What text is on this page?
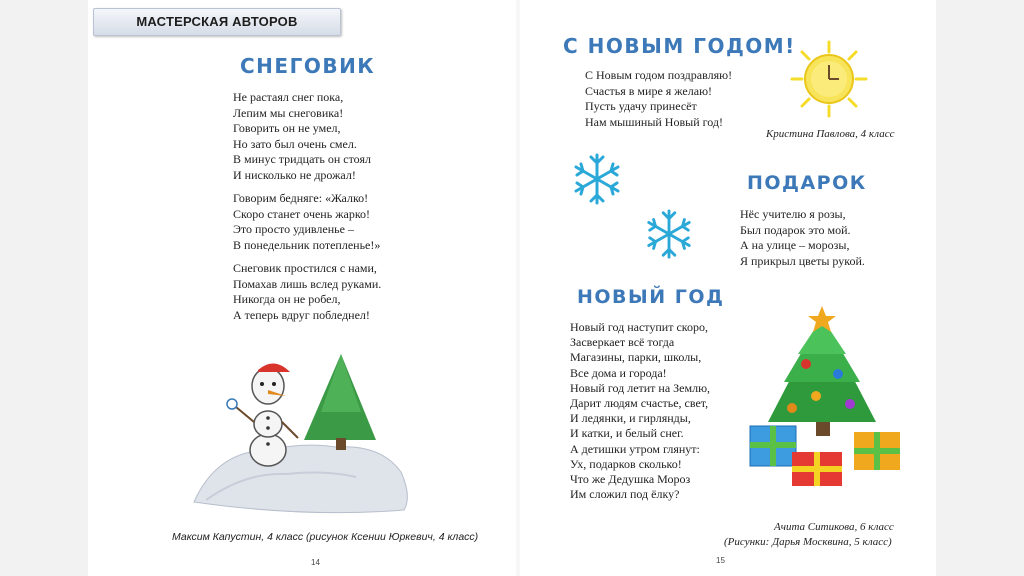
МАСТЕРСКАЯ АВТОРОВ
СНЕГОВИК
Не растаял снег пока,
Лепим мы снеговика!
Говорить он не умел,
Но зато был очень смел.
В минус тридцать он стоял
И нисколько не дрожал!
Говорим бедняге: «Жалко!
Скоро станет очень жарко!
Это просто удивленье –
В понедельник потепленье!»
Снеговик простился с нами,
Помахав лишь вслед руками.
Никогда он не робел,
А теперь вдруг побледнел!
Максим Капустин, 4 класс (рисунок Ксении Юркевич, 4 класс)
14
С НОВЫМ ГОДОМ!
С Новым годом поздравляю!
Счастья в мире я желаю!
Пусть удачу принесёт
Нам мышиный Новый год!
Кристина Павлова, 4 класс
ПОДАРОК
Нёс учителю я розы,
Был подарок это мой.
А на улице – морозы,
Я прикрыл цветы рукой.
НОВЫЙ ГОД
Новый год наступит скоро,
Засверкает всё тогда
Магазины, парки, школы,
Все дома и города!
Новый год летит на Землю,
Дарит людям счастье, свет,
И ледянки, и гирлянды,
И катки, и белый снег.
А детишки утром глянут:
Ух, подарков сколько!
Что же Дедушка Мороз
Им сложил под ёлку?
Ачита Ситикова, 6 класс
(Рисунки: Дарья Москвина, 5 класс)
15
